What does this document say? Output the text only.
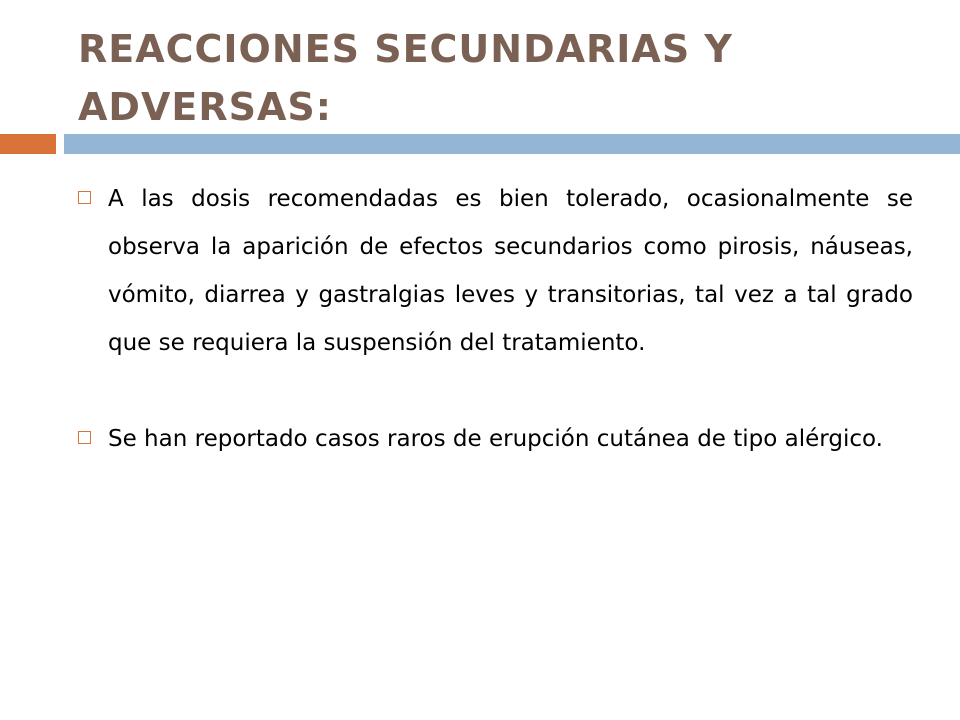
REACCIONES SECUNDARIAS Y ADVERSAS:

A las dosis recomendadas es bien tolerado, ocasionalmente se observa la aparición de efectos secundarios como pirosis, náuseas, vómito, diarrea y gastralgias leves y transitorias, tal vez a tal grado que se requiera la suspensión del tratamiento.

Se han reportado casos raros de erupción cutánea de tipo alérgico.
